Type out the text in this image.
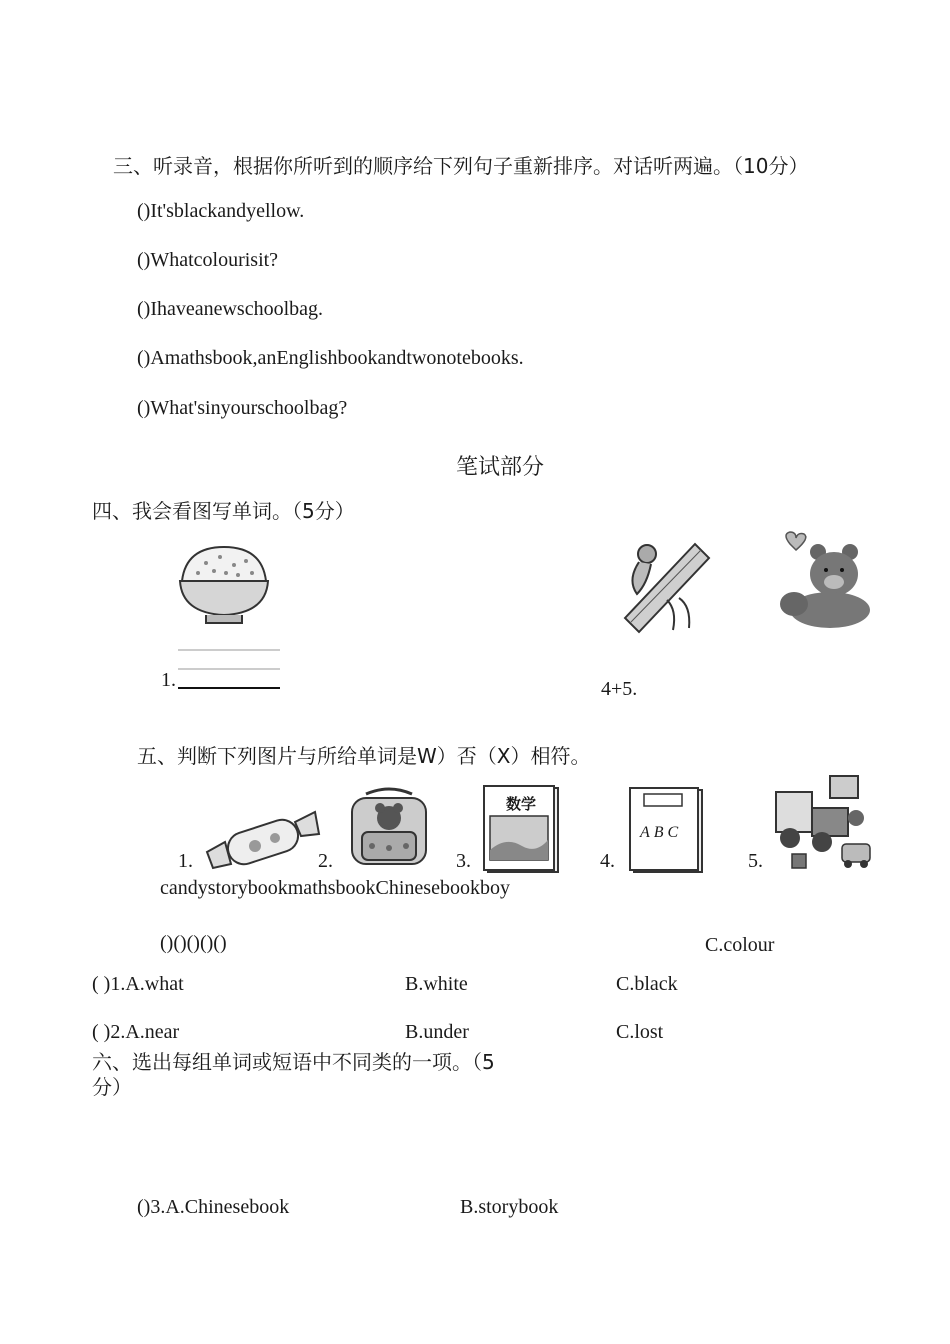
三、听录音，根据你所听到的顺序给下列句子重新排序。对话听两遍。（10分）
()It'sblackandyellow.
()Whatcolourisit?
()Ihaveanewschoolbag.
()Amathsbook,anEnglishbookandtwonotebooks.
()What'sinyourschoolbag?
笔试部分
四、我会看图写单词。（5分）
1.	4+5.
五、判断下列图片与所给单词是W）否（X）相符。
1.	2.	3.
数学
4.
ABC
5.
candystorybookmathsbookChinesebookboy
()()()()()	C.colour
( )1.A.what	B.white	C.black
( )2.A.near	B.under	C.lost
六、选出每组单词或短语中不同类的一项。（5
分）
()3.A.Chinesebook	B.storybook
